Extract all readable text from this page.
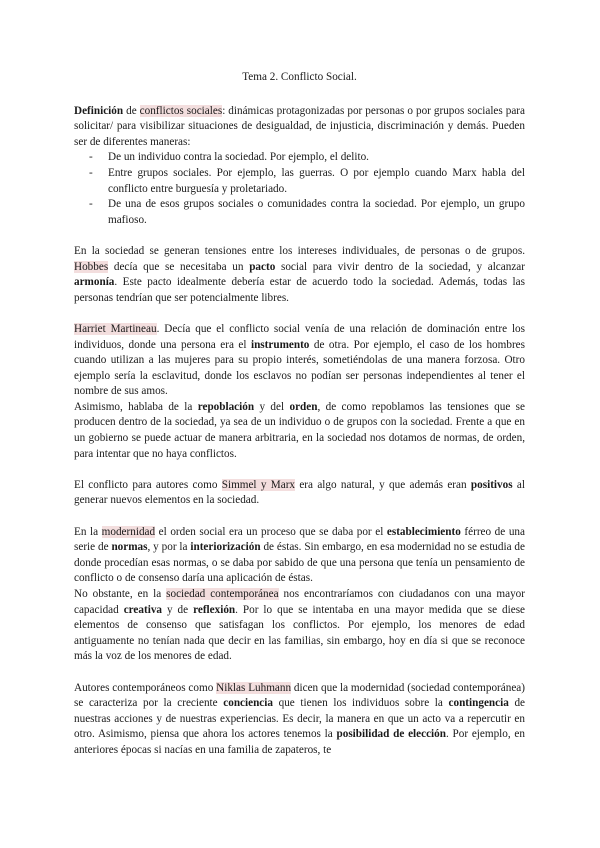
Tema 2. Conflicto Social.

Definición de conflictos sociales: dinámicas protagonizadas por personas o por grupos sociales para solicitar/ para visibilizar situaciones de desigualdad, de injusticia, discriminación y demás. Pueden ser de diferentes maneras:

- De un individuo contra la sociedad. Por ejemplo, el delito.
- Entre grupos sociales. Por ejemplo, las guerras. O por ejemplo cuando Marx habla del conflicto entre burguesía y proletariado.
- De una de esos grupos sociales o comunidades contra la sociedad. Por ejemplo, un grupo mafioso.

En la sociedad se generan tensiones entre los intereses individuales, de personas o de grupos. Hobbes decía que se necesitaba un pacto social para vivir dentro de la sociedad, y alcanzar armonía. Este pacto idealmente debería estar de acuerdo todo la sociedad. Además, todas las personas tendrían que ser potencialmente libres.

Harriet Martineau. Decía que el conflicto social venía de una relación de dominación entre los individuos, donde una persona era el instrumento de otra. Por ejemplo, el caso de los hombres cuando utilizan a las mujeres para su propio interés, sometiéndolas de una manera forzosa. Otro ejemplo sería la esclavitud, donde los esclavos no podían ser personas independientes al tener el nombre de sus amos.

Asimismo, hablaba de la repoblación y del orden, de como repoblamos las tensiones que se producen dentro de la sociedad, ya sea de un individuo o de grupos con la sociedad. Frente a que en un gobierno se puede actuar de manera arbitraria, en la sociedad nos dotamos de normas, de orden, para intentar que no haya conflictos.

El conflicto para autores como Simmel y Marx era algo natural, y que además eran positivos al generar nuevos elementos en la sociedad.

En la modernidad el orden social era un proceso que se daba por el establecimiento férreo de una serie de normas, y por la interiorización de éstas. Sin embargo, en esa modernidad no se estudia de donde procedían esas normas, o se daba por sabido de que una persona que tenía un pensamiento de conflicto o de consenso daría una aplicación de éstas.

No obstante, en la sociedad contemporánea nos encontraríamos con ciudadanos con una mayor capacidad creativa y de reflexión. Por lo que se intentaba en una mayor medida que se diese elementos de consenso que satisfagan los conflictos. Por ejemplo, los menores de edad antiguamente no tenían nada que decir en las familias, sin embargo, hoy en día si que se reconoce más la voz de los menores de edad.

Autores contemporáneos como Niklas Luhmann dicen que la modernidad (sociedad contemporánea) se caracteriza por la creciente conciencia que tienen los individuos sobre la contingencia de nuestras acciones y de nuestras experiencias. Es decir, la manera en que un acto va a repercutir en otro. Asimismo, piensa que ahora los actores tenemos la posibilidad de elección. Por ejemplo, en anteriores épocas si nacías en una familia de zapateros, te
